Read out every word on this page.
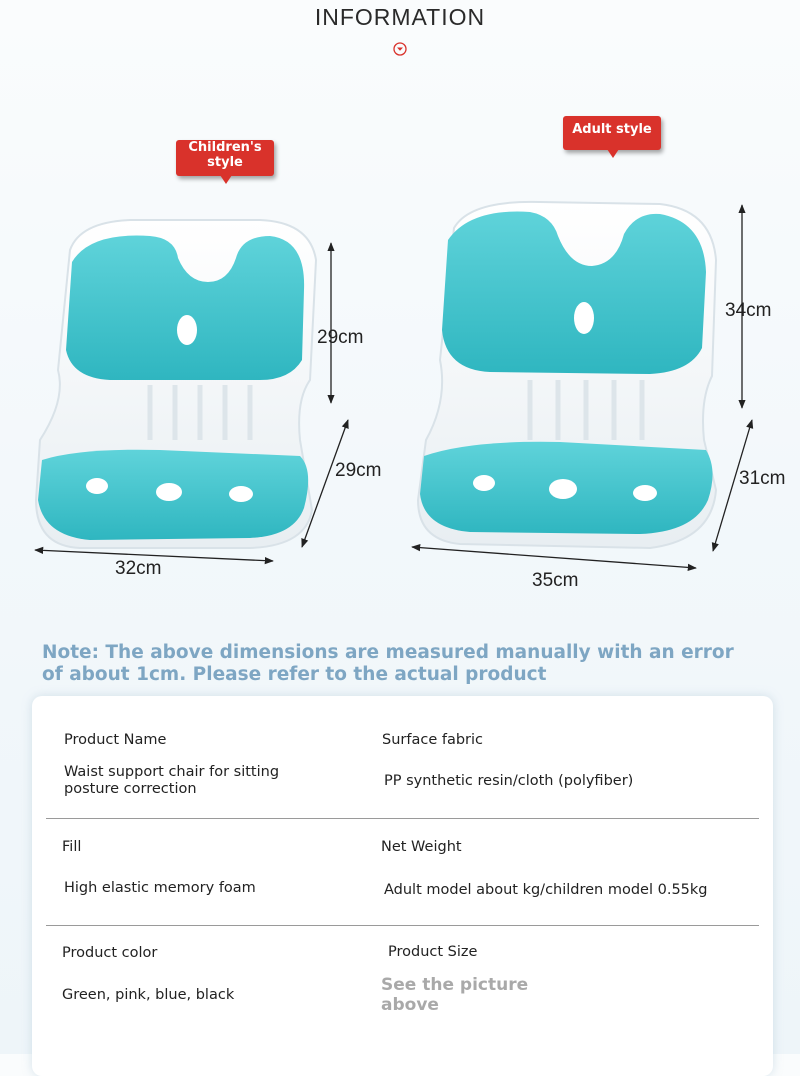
INFORMATION
Children's style
Adult style
29cm
29cm
32cm
34cm
31cm
35cm
Note: The above dimensions are measured manually with an error of about 1cm. Please refer to the actual product
Product Name
Waist support chair for sitting posture correction
Surface fabric
PP synthetic resin/cloth (polyfiber)
Fill
High elastic memory foam
Net Weight
Adult model about kg/children model 0.55kg
Product color
Green, pink, blue, black
Product Size
See the picture above
